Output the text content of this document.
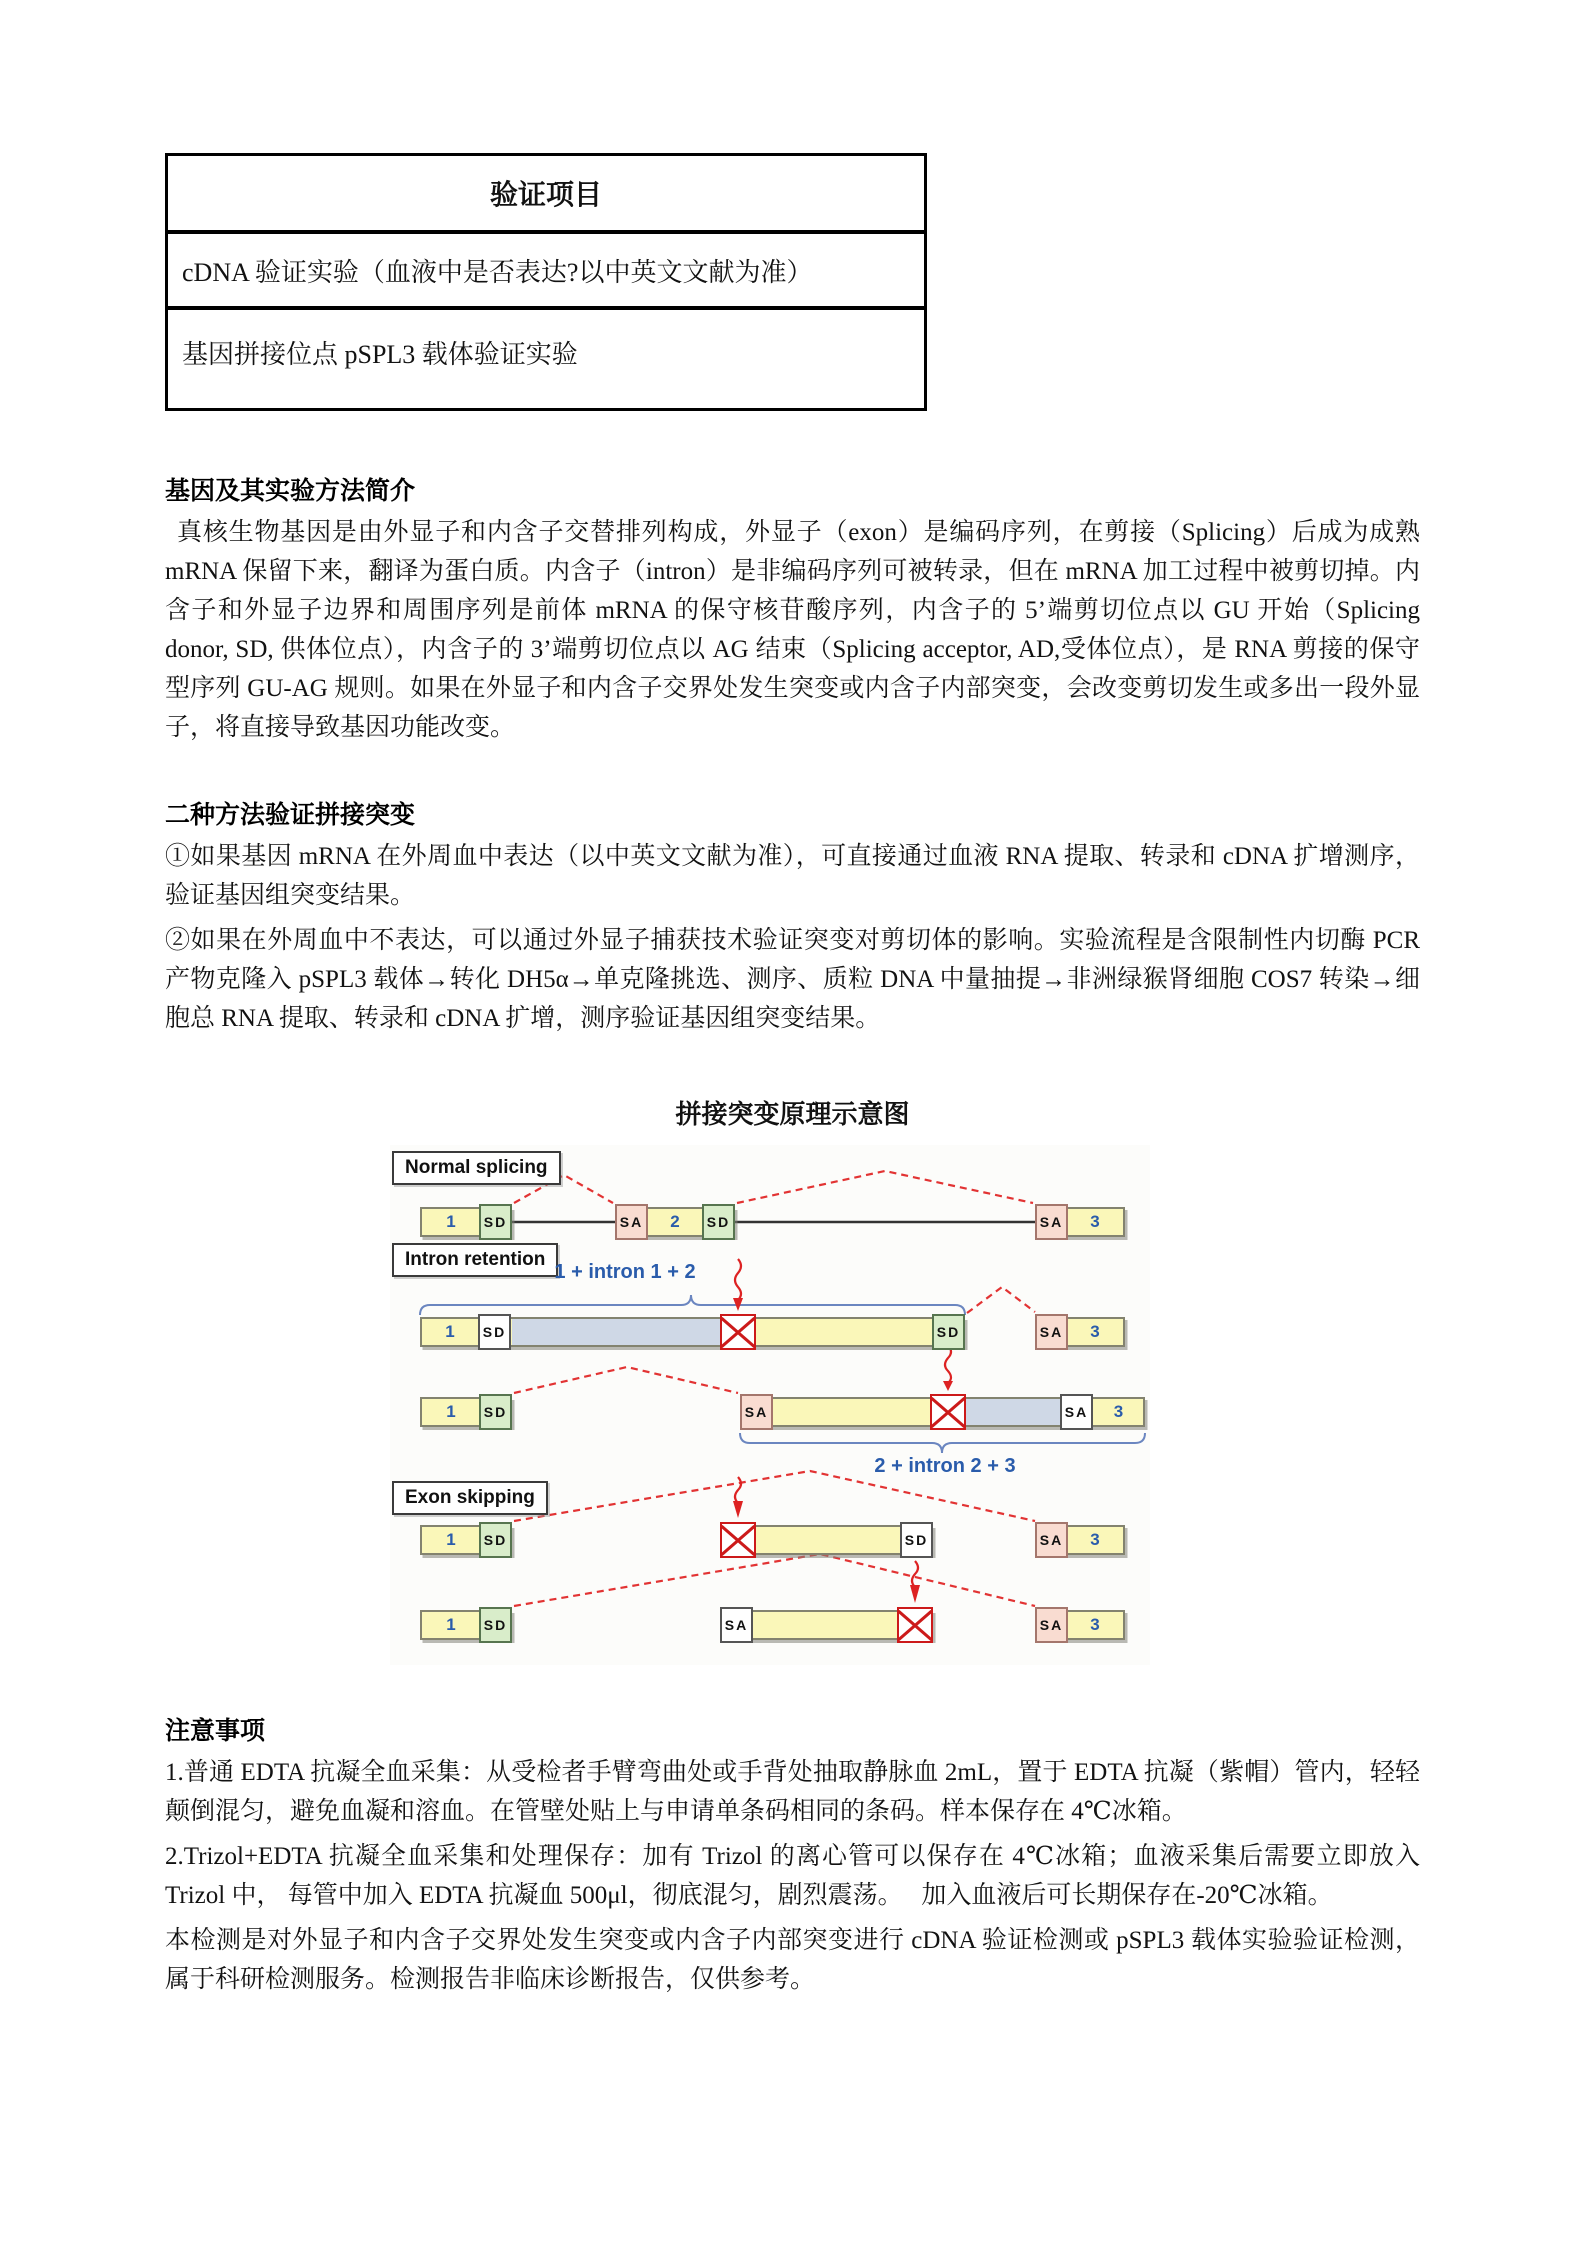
验证项目
cDNA 验证实验（血液中是否表达?以中英文文献为准）
基因拼接位点 pSPL3 载体验证实验
基因及其实验方法简介

真核生物基因是由外显子和内含子交替排列构成，外显子（exon）是编码序列，在剪接（Splicing）后成为成熟 mRNA 保留下来，翻译为蛋白质。内含子（intron）是非编码序列可被转录，但在 mRNA 加工过程中被剪切掉。内含子和外显子边界和周围序列是前体 mRNA 的保守核苷酸序列，内含子的 5’端剪切位点以 GU 开始（Splicing donor, SD, 供体位点），内含子的 3’端剪切位点以 AG 结束（Splicing acceptor, AD,受体位点），是 RNA 剪接的保守型序列 GU-AG 规则。如果在外显子和内含子交界处发生突变或内含子内部突变，会改变剪切发生或多出一段外显子，将直接导致基因功能改变。

二种方法验证拼接突变

①如果基因 mRNA 在外周血中表达（以中英文文献为准），可直接通过血液 RNA 提取、转录和 cDNA 扩增测序，验证基因组突变结果。

②如果在外周血中不表达，可以通过外显子捕获技术验证突变对剪切体的影响。实验流程是含限制性内切酶 PCR 产物克隆入 pSPL3 载体→转化 DH5α→单克隆挑选、测序、质粒 DNA 中量抽提→非洲绿猴肾细胞 COS7 转染→细胞总 RNA 提取、转录和 cDNA 扩增，测序验证基因组突变结果。

拼接突变原理示意图
Normal splicing
Intron retention
Exon skipping
1 + intron 1 + 2
2 + intron 2 + 3
1	SD	SA	2	SD	SA	3
1	SD	SD	SA	3
1	SD	SA	SA	3
1	SD	SD	SA	3
1	SD	SA	SA	3
注意事项

1.普通 EDTA 抗凝全血采集：从受检者手臂弯曲处或手背处抽取静脉血 2mL，置于 EDTA 抗凝（紫帽）管内，轻轻颠倒混匀，避免血凝和溶血。在管壁处贴上与申请单条码相同的条码。样本保存在 4℃冰箱。

2.Trizol+EDTA 抗凝全血采集和处理保存：加有 Trizol 的离心管可以保存在 4℃冰箱；血液采集后需要立即放入 Trizol 中， 每管中加入 EDTA 抗凝血 500μl，彻底混匀，剧烈震荡。　 加入血液后可长期保存在-20℃冰箱。

本检测是对外显子和内含子交界处发生突变或内含子内部突变进行 cDNA 验证检测或 pSPL3 载体实验验证检测，属于科研检测服务。检测报告非临床诊断报告，仅供参考。
